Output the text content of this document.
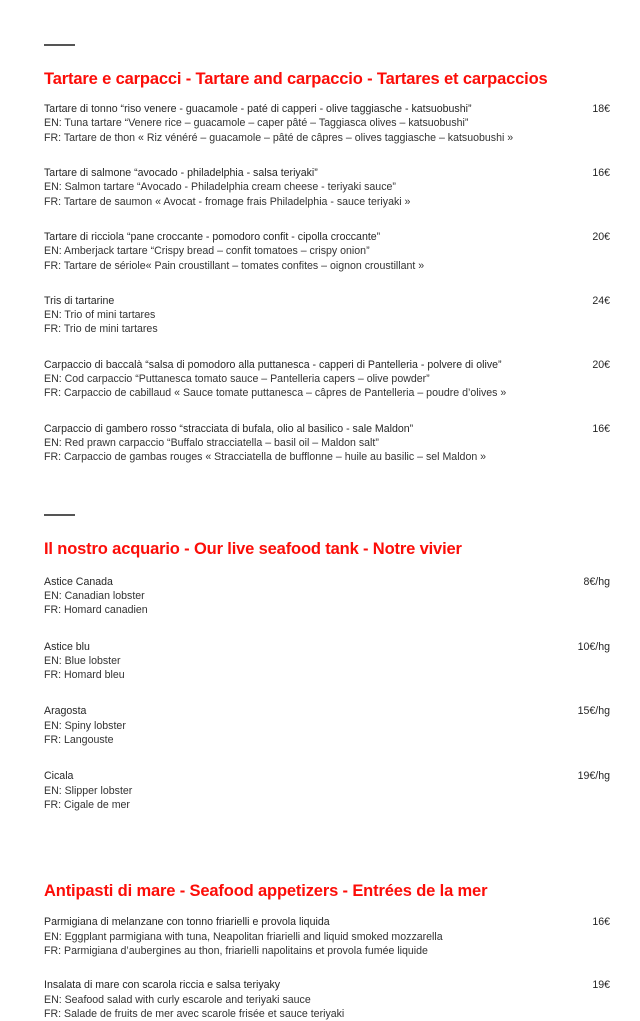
Tartare e carpacci - Tartare and carpaccio - Tartares et carpaccios
Tartare di tonno “riso venere - guacamole - paté di capperi - olive taggiasche - katsuobushi”
EN: Tuna tartare “Venere rice – guacamole – caper pâté – Taggiasca olives – katsuobushi”
FR: Tartare de thon « Riz vénéré – guacamole – pâté de câpres – olives taggiasche – katsuobushi »
18€
Tartare di salmone “avocado - philadelphia - salsa teriyaki”
EN: Salmon tartare “Avocado - Philadelphia cream cheese - teriyaki sauce”
FR: Tartare de saumon « Avocat - fromage frais Philadelphia - sauce teriyaki »
16€
Tartare di ricciola “pane croccante - pomodoro confit - cipolla croccante”
EN: Amberjack tartare “Crispy bread – confit tomatoes – crispy onion”
FR: Tartare de sériole« Pain croustillant – tomates confites – oignon croustillant »
20€
Tris di tartarine
EN: Trio of mini tartares
FR: Trio de mini tartares
24€
Carpaccio di baccalà “salsa di pomodoro alla puttanesca - capperi di Pantelleria - polvere di olive”
EN: Cod carpaccio “Puttanesca tomato sauce – Pantelleria capers – olive powder”
FR: Carpaccio de cabillaud « Sauce tomate puttanesca – câpres de Pantelleria – poudre d’olives »
20€
Carpaccio di gambero rosso “stracciata di bufala, olio al basilico - sale Maldon”
EN: Red prawn carpaccio “Buffalo stracciatella – basil oil – Maldon salt”
FR: Carpaccio de gambas rouges « Stracciatella de bufflonne – huile au basilic – sel Maldon »
16€
Il nostro acquario - Our live seafood tank - Notre vivier
Astice Canada
EN: Canadian lobster
FR: Homard canadien
8€/hg
Astice blu
EN: Blue lobster
FR: Homard bleu
10€/hg
Aragosta
EN: Spiny lobster
FR: Langouste
15€/hg
Cicala
EN: Slipper lobster
FR: Cigale de mer
19€/hg
Antipasti di mare - Seafood appetizers - Entrées de la mer
Parmigiana di melanzane con tonno friarielli e provola liquida
EN: Eggplant parmigiana with tuna, Neapolitan friarielli and liquid smoked mozzarella
FR: Parmigiana d’aubergines au thon, friarielli napolitains et provola fumée liquide
16€
Insalata di mare con scarola riccia e salsa teriyaky
EN: Seafood salad with curly escarole and teriyaki sauce
FR: Salade de fruits de mer avec scarole frisée et sauce teriyaki
19€
